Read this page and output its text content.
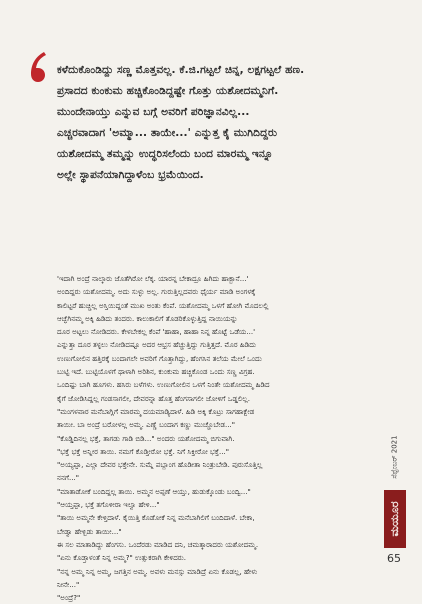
ಕಳೆದುಕೊಂಡಿದ್ದು ಸಣ್ಣ ಮೊತ್ತವಲ್ಲ. ಕೆ.ಜಿ.ಗಟ್ಟಲೆ ಚಿನ್ನ, ಲಕ್ಷಗಟ್ಟಲೆ ಹಣ.
ಪ್ರಸಾದದ ಕುಂಕುಮ ಹಚ್ಚಿಕೊಂಡಿದ್ದಷ್ಟೇ ಗೊತ್ತು ಯಶೋದಮ್ಮನಿಗೆ.
ಮುಂದೇನಾಯ್ತು ಎನ್ನುವ ಬಗ್ಗೆ ಅವರಿಗೆ ಪರಿಜ್ಞಾನವಿಲ್ಲ...
ಎಚ್ಚರವಾದಾಗ 'ಅಮ್ಮಾ... ತಾಯೇ...' ಎನ್ನುತ್ತ ಕೈ ಮುಗಿದಿದ್ದರು
ಯಶೋದಮ್ಮ ತಮ್ಮನ್ನು ಉದ್ಧರಿಸಲೆಂದು ಬಂದ ಮಾರಮ್ಮ ಇನ್ನೂ
ಅಲ್ಲೇ ಸ್ಥಾಪನೆಯಾಗಿದ್ದಾಳೆಂಬ ಭ್ರಮೆಯಿಂದ.
'ಇದಾಗಿ ಅಂದ್ರೆ ನಾಲ್ಕಾರು ಜೊತೆಗಿರೋ ಲೆಕ್ಕ. ಯಾರನ್ನ ಬೇಕಾದ್ರೂ ಹಿಗಿದು ಹಾಕ್ಬಾನೆ...'
ಅಂದಿದ್ದರು ಯಶೋದಮ್ಮ. ಅದು ಸುಳ್ಳು ಅಲ್ಲ. ಗುರುತ್ತಿಲ್ಲದವರು ಧೈರ್ಯ ಮಾಡಿ ಅಂಗಳಕ್ಕೆ
ಕಾಲಿಟ್ಟರೆ ಹುಚ್ಚಿಲ್ಲ ಅಸ್ತಿಯಿದ್ದಂತೆ ಮುಖ ಅಂತು ಕೆಂಪೆ. ಯಶೋದಮ್ಮ ಒಳಗೆ ಹೋಗಿ ಮೊದಲಲ್ಲಿ
ಆಚ್ಛೆಗಿನಮ್ಮ ಅಕ್ಕಿ ಹಿಡಿದು ತಂದರು. ಕಾಲುಕಾಲಿಗೆ ತೊಡರಿಕೊಳ್ಳುತ್ತಿದ್ದ ನಾಯಿಯನ್ನು
ದೂರ ಅಟ್ಟಲು ನೋಡಿದರು. ಕೇಳಬೇಕಲ್ಲ ಕೆಂಪೆ 'ಹಾಹಾ, ಹಾಹಾ ನಿನ್ನ ಹೊಟ್ಟೆ ಒಡೆಯ...'
ಎನ್ನುತ್ತಾ ದೂರ ತಳ್ಳಲು ನೋಡಿದಷ್ಟೂ ಅದರ ಆಭ್ರಸ ಹೆಚ್ಚುತ್ತಿದ್ದು ಗುತ್ತಿತ್ತದೆ. ಮೊರ ಹಿಡಿದು
ಉಣುಗೋಲಿನ ಹತ್ತಿರಕ್ಕೆ ಬಂದಾಗಲೇ ಅವರಿಗೆ ಗೊತ್ತಾಗಿದ್ದು, ಹೆಂಗಸಿನ ತಲೆಯ ಮೇಲೆ ಒಂದು
ಬುಟ್ಟಿ ಇದೆ. ಬುಟ್ಟಿಯೊಳಗೆ ಥಾಳಾಗಿ ಅರಿಶಿನ, ಕುಂಕುಮ ಹಚ್ಚಿಕೊಂಡ ಒಂದು ಸಣ್ಣ ವಿಗ್ರಹ.
ಒಂದಿಷ್ಟು ಬಾಗಿ ಹೂಗಳು. ಹಸಿರು ಬಳೆಗಳು. ಉಣುಗೋಲಿನ ಒಳಗೆ ನಿಂತೇ ಯಶೋದಮ್ಮ ಹಿಡಿದ
ಕೈಗೆ ಜೋಡಿಸಿದ್ದಲ್ಲ ಗಂಡಸಾಗಲೀ, ದೇವರನ್ನಾ ಹೊತ್ತ ಹೆಂಗಸಾಗಲೀ ಜೋಳಿಗೆ ಒಡ್ಡಲಿಲ್ಲ.
"ಮಂಗಳವಾರ ಮನೆಬಾಗ್ಲಿಗೆ ಮಾರಮ್ಮ ದಯಮಾಡ್ಯಿದಾಳೆ. ಹಿಡಿ ಅಕ್ಕಿ ಕೊಟ್ರು ಸಾಗಹಾಕ್ಬೇಡ
ತಾಯೀ. ಬಾ ಅಂದ್ರೆ ಬರೋಳಲ್ಲ ಅಮ್ಮ. ಎಣ್ಣೆ ಬಂದಾಗ ಕಣ್ಣು ಮುಚ್ಚೊಬೇಡ..."
"ಕೊಡ್ಡಿದಿನಲ್ಲ ಭಕ್ತೆ, ತಾಗಡು ಗಾಡಿ ಬಿಡಿ..." ಅಂದರು ಯಶೋದಮ್ಮ ಬಿಗುವಾಗಿ.
"ಭಕ್ತೆ ಭಕ್ತೆ ಅನ್ನೀರ ತಾಯಿ. ನಮಗೆ ಕೊಡ್ತೀರೋ ಭಕ್ತೆ. ನಿಗೆ ಸಿಕ್ತೀರೋ ಭಕ್ತೆ..."
"ಅಯ್ಯಪ್ಪಾ, ಎಲ್ಲಾ ದೇವರ ಭಕ್ತೇನೇ. ಸುಮ್ನೆ ಪಬ್ಲಾಂಗ ಹೊಡೀತಾ ನಿಂತ್ರುಬೇಡಿ. ಪುರುಸೊತ್ತಿಲ್ಲ
ನನಗೆ..."
"ಮಾತಾಡೋಕೆ ಬಂದಿದ್ದಲ್ಲ ತಾಯಿ. ಅಮ್ಮನ ಅಪ್ಪಣೆ ಆಯ್ತು, ಹುಡುಕ್ಕೊಂಡು ಬಂದ್ವಿ..."
"ಆಯ್ತಪ್ಪಾ, ಭಕ್ತೆ ತಗೊಳೀರಾ ಇಲ್ವಾ ಹೇಳಿ..."
"ತಾಯಿ ಅಮ್ಮನೇ ಕೇಳ್ತಿದಾಳೆ. ಕೈಯಿತ್ತಿ ಕೊಡೋಕೆ ನಿನ್ನ ಮನೆಬಾಗಿಲಿಗೆ ಬಂದಿದಾಳೆ. ಬೇಕಾ,
ಬೇಡ್ವಾ ಹೇಳ್ಬಿಡು ತಾಯೀ..."
ಈ ಸಲ ಮಾತಾಡಿದ್ದು ಹೆಂಗಸು. ಒಂದೆರಡು ಮಾಡಿದ ದನಿ, ಚಮತ್ಕಾರಾದರು ಯಶೋದಮ್ಮ.
"ಏನು ಕೊಡ್ತಾಳಂತೆ ನಿನ್ನ ಅಮ್ಮ?" ಉತ್ಸುಕರಾಗಿ ಕೇಳಿದರು.
"ನನ್ನ ಅಮ್ಮ ನಿನ್ನ ಅಮ್ಮ, ಜಗತ್ತಿನ ಅಮ್ಮ. ಅವಳು ಮನಸ್ಸು ಮಾಡಿದ್ರೆ ಏನು ಕೊಡಲ್ಲ, ಹೇಳು
ನೀನೇ..."
"ಅಂದ್ರೆ?"
ಸೆಪ್ಟೆಂಬರ್ 2021
ಮಯೂರ
65
